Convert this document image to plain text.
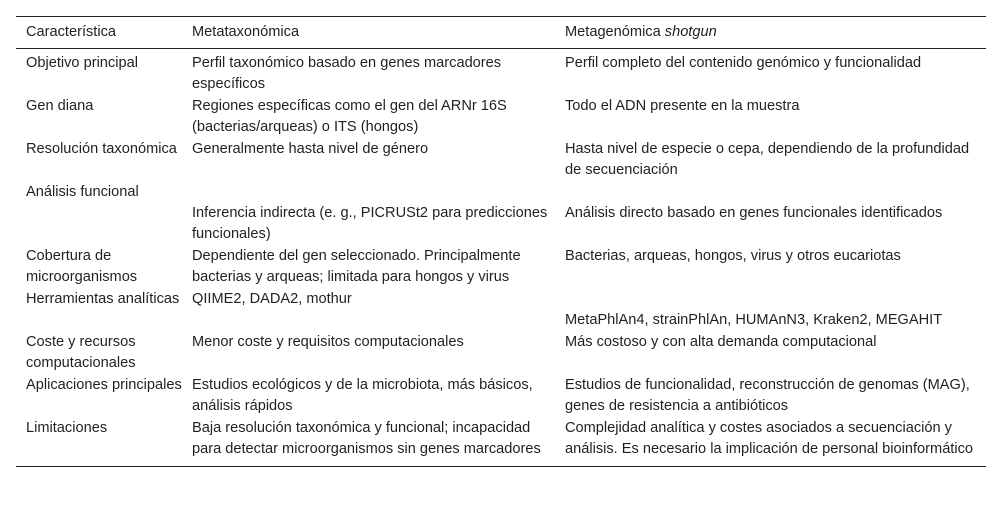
Característica	Metataxonómica	Metagenómica shotgun

Objetivo principal	Perfil taxonómico basado en genes marcadores específicos	Perfil completo del contenido genómico y funcionalidad

Gen diana	Regiones específicas como el gen del ARNr 16S (bacterias/arqueas) o ITS (hongos)	Todo el ADN presente en la muestra

Resolución taxonómica	Generalmente hasta nivel de género	Hasta nivel de especie o cepa, dependiendo de la profundidad de secuenciación

Análisis funcional	Inferencia indirecta (e. g., PICRUSt2 para predicciones funcionales)	Análisis directo basado en genes funcionales identificados

Cobertura de microorganismos	Dependiente del gen seleccionado. Principalmente bacterias y arqueas; limitada para hongos y virus	Bacterias, arqueas, hongos, virus y otros eucariotas

Herramientas analíticas	QIIME2, DADA2, mothur	MetaPhlAn4, strainPhlAn, HUMAnN3, Kraken2, MEGAHIT

Coste y recursos computacionales	Menor coste y requisitos computacionales	Más costoso y con alta demanda computacional

Aplicaciones principales	Estudios ecológicos y de la microbiota, más básicos, análisis rápidos	Estudios de funcionalidad, reconstrucción de genomas (MAG), genes de resistencia a antibióticos

Limitaciones	Baja resolución taxonómica y funcional; incapacidad para detectar microorganismos sin genes marcadores	Complejidad analítica y costes asociados a secuenciación y análisis. Es necesario la implicación de personal bioinformático
